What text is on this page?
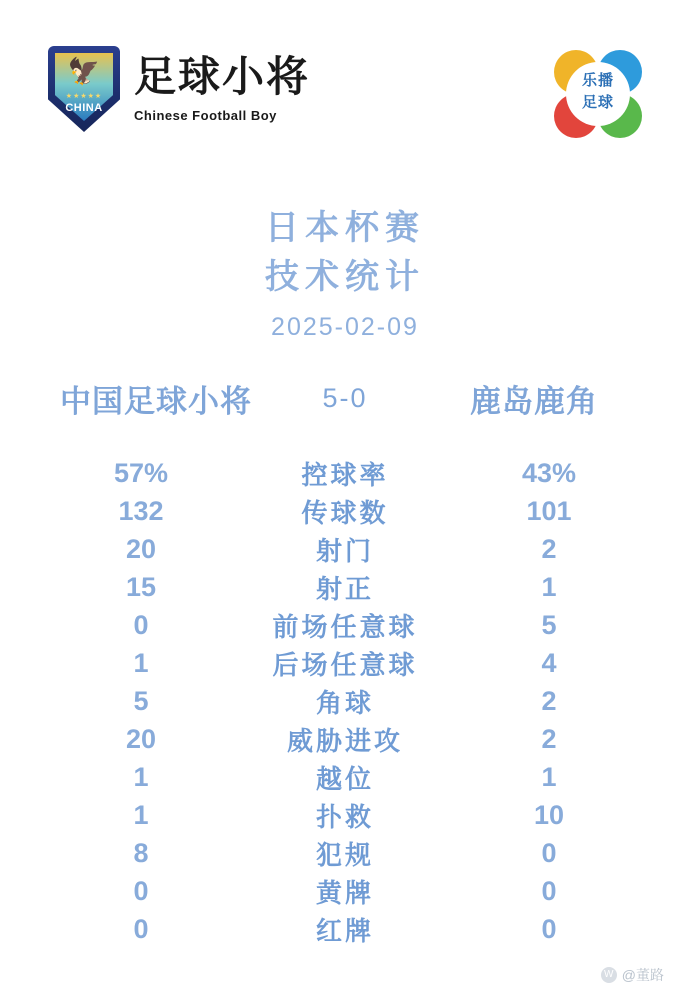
🦅
★★★★★
CHINA
足球小将
Chinese Football Boy
乐播
足球
日本杯赛
技术统计
2025-02-09
中国足球小将	5-0	鹿岛鹿角
57%	控球率	43%
132	传球数	101
20	射门	2
15	射正	1
0	前场任意球	5
1	后场任意球	4
5	角球	2
20	威胁进攻	2
1	越位	1
1	扑救	10
8	犯规	0
0	黄牌	0
0	红牌	0
W @董路
